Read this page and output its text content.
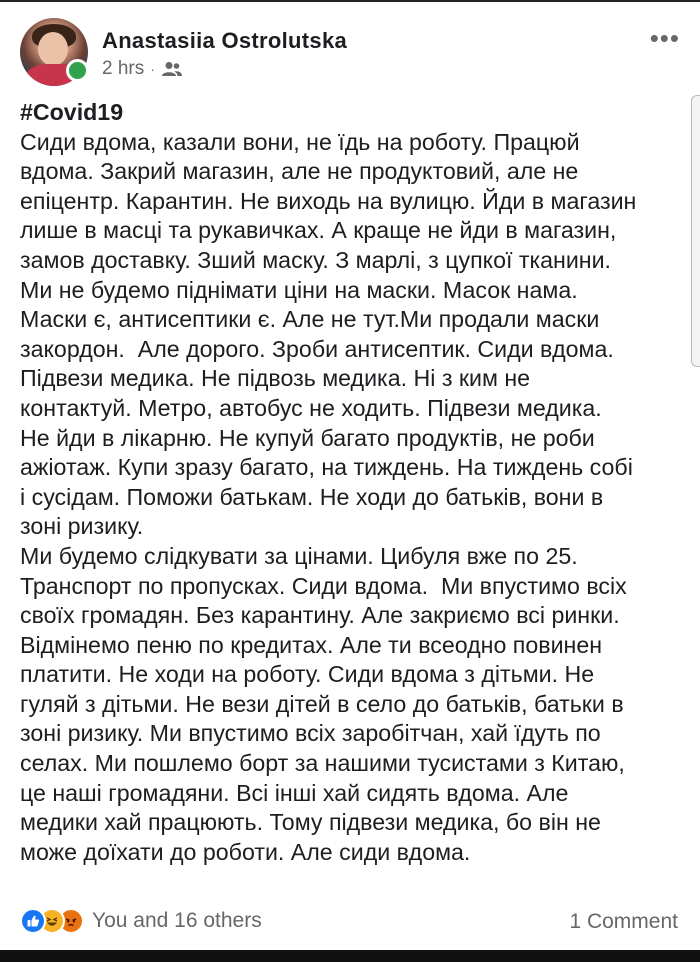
Anastasiia Ostrolutska
2 hrs ·
•••
#Covid19
Сиди вдома, казали вони, не їдь на роботу. Працюй
вдома. Закрий магазин, але не продуктовий, але не
епіцентр. Карантин. Не виходь на вулицю. Йди в магазин
лише в масці та рукавичках. А краще не йди в магазин,
замов доставку. Зший маску. З марлі, з цупкої тканини.
Ми не будемо піднімати ціни на маски. Масок нама.
Маски є, антисептики є. Але не тут.Ми продали маски
закордон.  Але дорого. Зроби антисептик. Сиди вдома.
Підвези медика. Не підвозь медика. Ні з ким не
контактуй. Метро, автобус не ходить. Підвези медика.
Не йди в лікарню. Не купуй багато продуктів, не роби
ажіотаж. Купи зразу багато, на тиждень. На тиждень собі
і сусідам. Поможи батькам. Не ходи до батьків, вони в
зоні ризику.
Ми будемо слідкувати за цінами. Цибуля вже по 25.
Транспорт по пропусках. Сиди вдома.  Ми впустимо всіх
своїх громадян. Без карантину. Але закриємо всі ринки.
Відмінемо пеню по кредитах. Але ти всеодно повинен
платити. Не ходи на роботу. Сиди вдома з дітьми. Не
гуляй з дітьми. Не вези дітей в село до батьків, батьки в
зоні ризику. Ми впустимо всіх заробітчан, хай їдуть по
селах. Ми пошлемо борт за нашими тусистами з Китаю,
це наші громадяни. Всі інші хай сидять вдома. Але
медики хай працюють. Тому підвези медика, бо він не
може доїхати до роботи. Але сиди вдома.
You and 16 others	1 Comment
